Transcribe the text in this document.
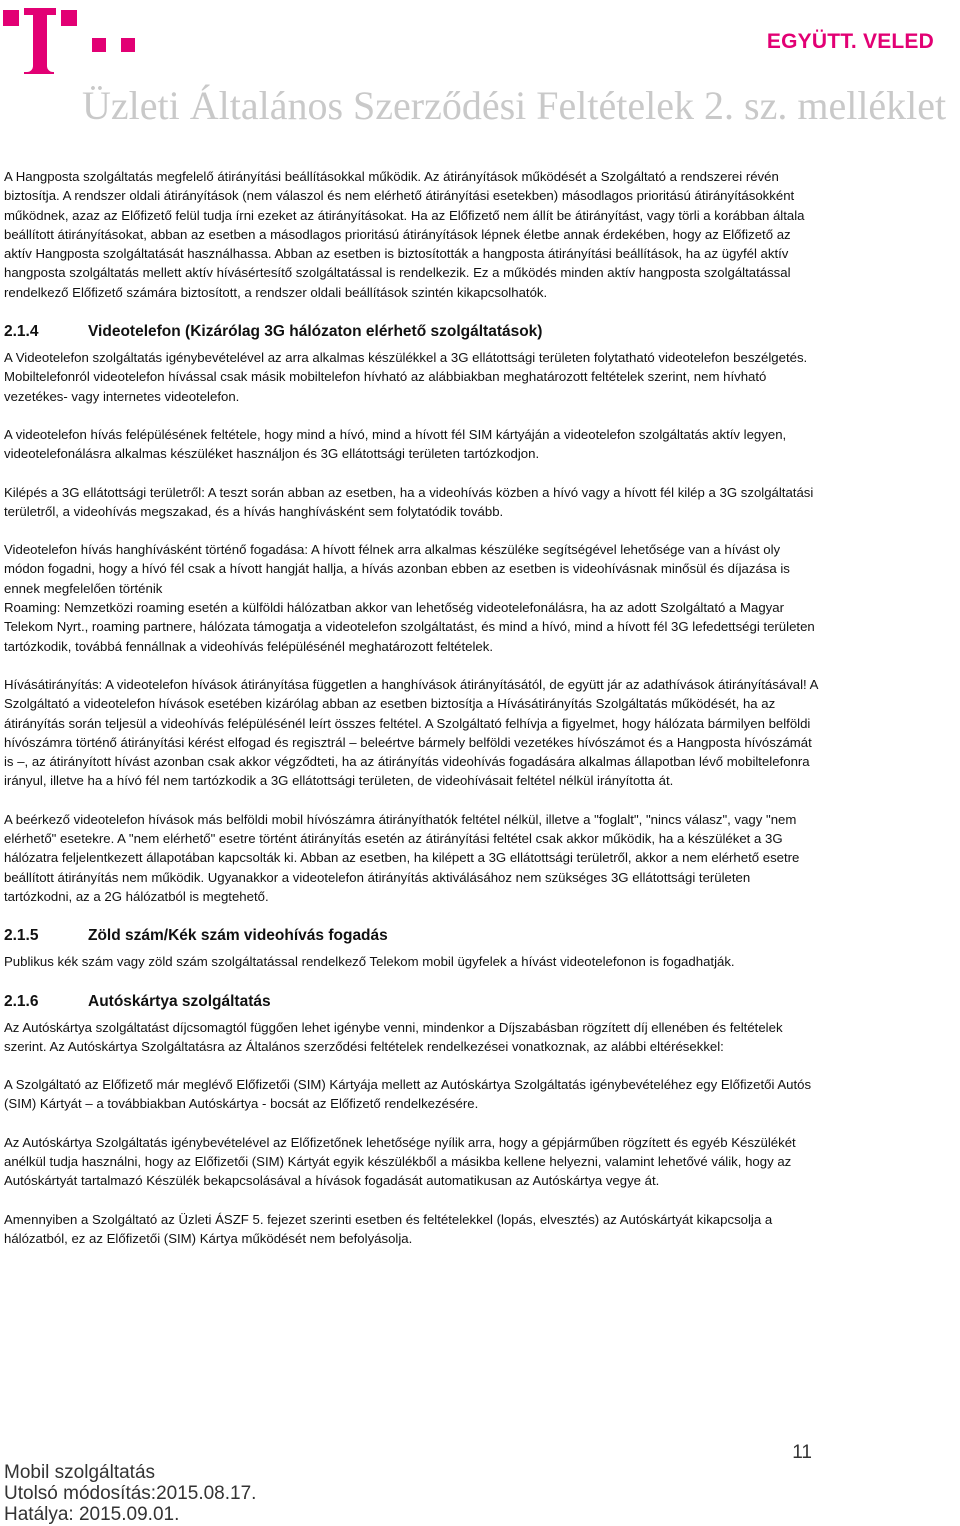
EGYÜTT. VELED
Üzleti Általános Szerződési Feltételek 2. sz. melléklet

A Hangposta szolgáltatás megfelelő átirányítási beállításokkal működik. Az átirányítások működését a Szolgáltató a rendszerei révén biztosítja. A rendszer oldali átirányítások (nem válaszol és nem elérhető átirányítási esetekben) másodlagos prioritású átirányításokként működnek, azaz az Előfizető felül tudja írni ezeket az átirányításokat. Ha az Előfizető nem állít be átirányítást, vagy törli a korábban általa beállított átirányításokat, abban az esetben a másodlagos prioritású átirányítások lépnek életbe annak érdekében, hogy az Előfizető az aktív Hangposta szolgáltatását használhassa. Abban az esetben is biztosították a hangposta átirányítási beállítások, ha az ügyfél aktív hangposta szolgáltatás mellett aktív hívásértesítő szolgáltatással is rendelkezik. Ez a működés minden aktív hangposta szolgáltatással rendelkező Előfizető számára biztosított, a rendszer oldali beállítások szintén kikapcsolhatók.

2.1.4	Videotelefon (Kizárólag 3G hálózaton elérhető szolgáltatások)

A Videotelefon szolgáltatás igénybevételével az arra alkalmas készülékkel a 3G ellátottsági területen folytatható videotelefon beszélgetés. Mobiltelefonról videotelefon hívással csak másik mobiltelefon hívható az alábbiakban meghatározott feltételek szerint, nem hívható vezetékes- vagy internetes videotelefon.

A videotelefon hívás felépülésének feltétele, hogy mind a hívó, mind a hívott fél SIM kártyáján a videotelefon szolgáltatás aktív legyen, videotelefonálásra alkalmas készüléket használjon és 3G ellátottsági területen tartózkodjon.

Kilépés a 3G ellátottsági területről: A teszt során abban az esetben, ha a videohívás közben a hívó vagy a hívott fél kilép a 3G szolgáltatási területről, a videohívás megszakad, és a hívás hanghívásként sem folytatódik tovább.

Videotelefon hívás hanghívásként történő fogadása: A hívott félnek arra alkalmas készüléke segítségével lehetősége van a hívást oly módon fogadni, hogy a hívó fél csak a hívott hangját hallja, a hívás azonban ebben az esetben is videohívásnak minősül és díjazása is ennek megfelelően történik

Roaming: Nemzetközi roaming esetén a külföldi hálózatban akkor van lehetőség videotelefonálásra, ha az adott Szolgáltató a Magyar Telekom Nyrt., roaming partnere, hálózata támogatja a videotelefon szolgáltatást, és mind a hívó, mind a hívott fél 3G lefedettségi területen tartózkodik, továbbá fennállnak a videohívás felépülésénél meghatározott feltételek.

Hívásátirányítás: A videotelefon hívások átirányítása független a hanghívások átirányításától, de együtt jár az adathívások átirányításával! A Szolgáltató a videotelefon hívások esetében kizárólag abban az esetben biztosítja a Hívásátirányítás Szolgáltatás működését, ha az átirányítás során teljesül a videohívás felépülésénél leírt összes feltétel. A Szolgáltató felhívja a figyelmet, hogy hálózata bármilyen belföldi hívószámra történő átirányítási kérést elfogad és regisztrál – beleértve bármely belföldi vezetékes hívószámot és a Hangposta hívószámát is –, az átirányított hívást azonban csak akkor végződteti, ha az átirányítás videohívás fogadására alkalmas állapotban lévő mobiltelefonra irányul, illetve ha a hívó fél nem tartózkodik a 3G ellátottsági területen, de videohívásait feltétel nélkül irányította át.

A beérkező videotelefon hívások más belföldi mobil hívószámra átirányíthatók feltétel nélkül, illetve a "foglalt", "nincs válasz", vagy "nem elérhető" esetekre. A "nem elérhető" esetre történt átirányítás esetén az átirányítási feltétel csak akkor működik, ha a készüléket a 3G hálózatra feljelentkezett állapotában kapcsolták ki. Abban az esetben, ha kilépett a 3G ellátottsági területről, akkor a nem elérhető esetre beállított átirányítás nem működik. Ugyanakkor a videotelefon átirányítás aktiválásához nem szükséges 3G ellátottsági területen tartózkodni, az a 2G hálózatból is megtehető.

2.1.5	Zöld szám/Kék szám videohívás fogadás

Publikus kék szám vagy zöld szám szolgáltatással rendelkező Telekom mobil ügyfelek a hívást videotelefonon is fogadhatják.

2.1.6	Autóskártya szolgáltatás

Az Autóskártya szolgáltatást díjcsomagtól függően lehet igénybe venni, mindenkor a Díjszabásban rögzített díj ellenében és feltételek szerint. Az Autóskártya Szolgáltatásra az Általános szerződési feltételek rendelkezései vonatkoznak, az alábbi eltérésekkel:

A Szolgáltató az Előfizető már meglévő Előfizetői (SIM) Kártyája mellett az Autóskártya Szolgáltatás igénybevételéhez egy Előfizetői Autós (SIM) Kártyát – a továbbiakban Autóskártya - bocsát az Előfizető rendelkezésére.

Az Autóskártya Szolgáltatás igénybevételével az Előfizetőnek lehetősége nyílik arra, hogy a gépjárműben rögzített és egyéb Készülékét anélkül tudja használni, hogy az Előfizetői (SIM) Kártyát egyik készülékből a másikba kellene helyezni, valamint lehetővé válik, hogy az Autóskártyát tartalmazó Készülék bekapcsolásával a hívások fogadását automatikusan az Autóskártya vegye át.

Amennyiben a Szolgáltató az Üzleti ÁSZF 5. fejezet szerinti esetben és feltételekkel (lopás, elvesztés) az Autóskártyát kikapcsolja a hálózatból, ez az Előfizetői (SIM) Kártya működését nem befolyásolja.

11
Mobil szolgáltatás
Utolsó módosítás:2015.08.17.
Hatálya: 2015.09.01.
